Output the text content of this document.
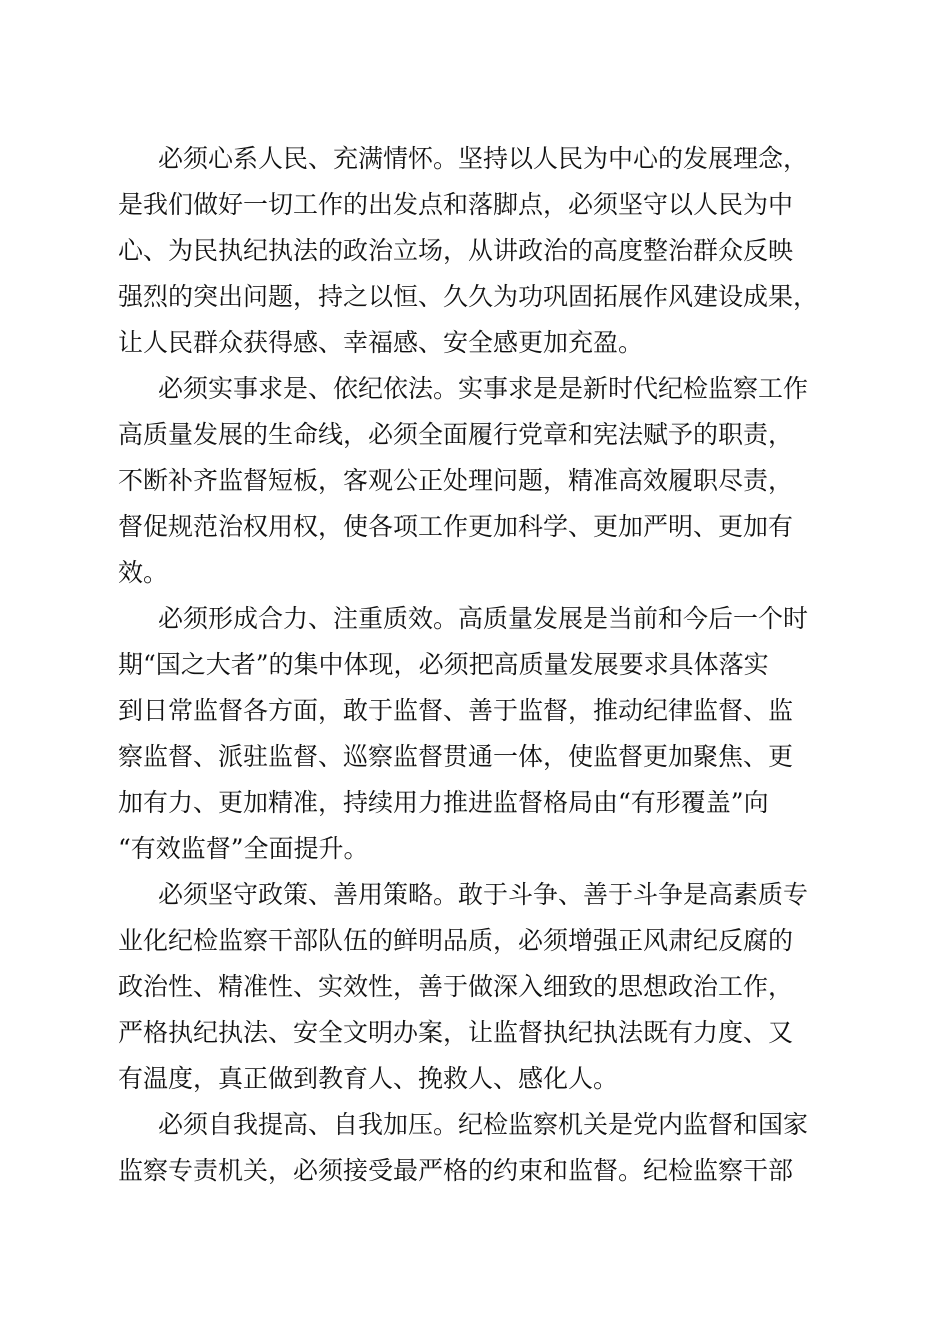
必须心系人民、充满情怀。坚持以人民为中心的发展理念，
是我们做好一切工作的出发点和落脚点，必须坚守以人民为中
心、为民执纪执法的政治立场，从讲政治的高度整治群众反映
强烈的突出问题，持之以恒、久久为功巩固拓展作风建设成果，
让人民群众获得感、幸福感、安全感更加充盈。
必须实事求是、依纪依法。实事求是是新时代纪检监察工作
高质量发展的生命线，必须全面履行党章和宪法赋予的职责，
不断补齐监督短板，客观公正处理问题，精准高效履职尽责，
督促规范治权用权，使各项工作更加科学、更加严明、更加有
效。
必须形成合力、注重质效。高质量发展是当前和今后一个时
期“国之大者”的集中体现，必须把高质量发展要求具体落实
到日常监督各方面，敢于监督、善于监督，推动纪律监督、监
察监督、派驻监督、巡察监督贯通一体，使监督更加聚焦、更
加有力、更加精准，持续用力推进监督格局由“有形覆盖”向
“有效监督”全面提升。
必须坚守政策、善用策略。敢于斗争、善于斗争是高素质专
业化纪检监察干部队伍的鲜明品质，必须增强正风肃纪反腐的
政治性、精准性、实效性，善于做深入细致的思想政治工作，
严格执纪执法、安全文明办案，让监督执纪执法既有力度、又
有温度，真正做到教育人、挽救人、感化人。
必须自我提高、自我加压。纪检监察机关是党内监督和国家
监察专责机关，必须接受最严格的约束和监督。纪检监察干部
